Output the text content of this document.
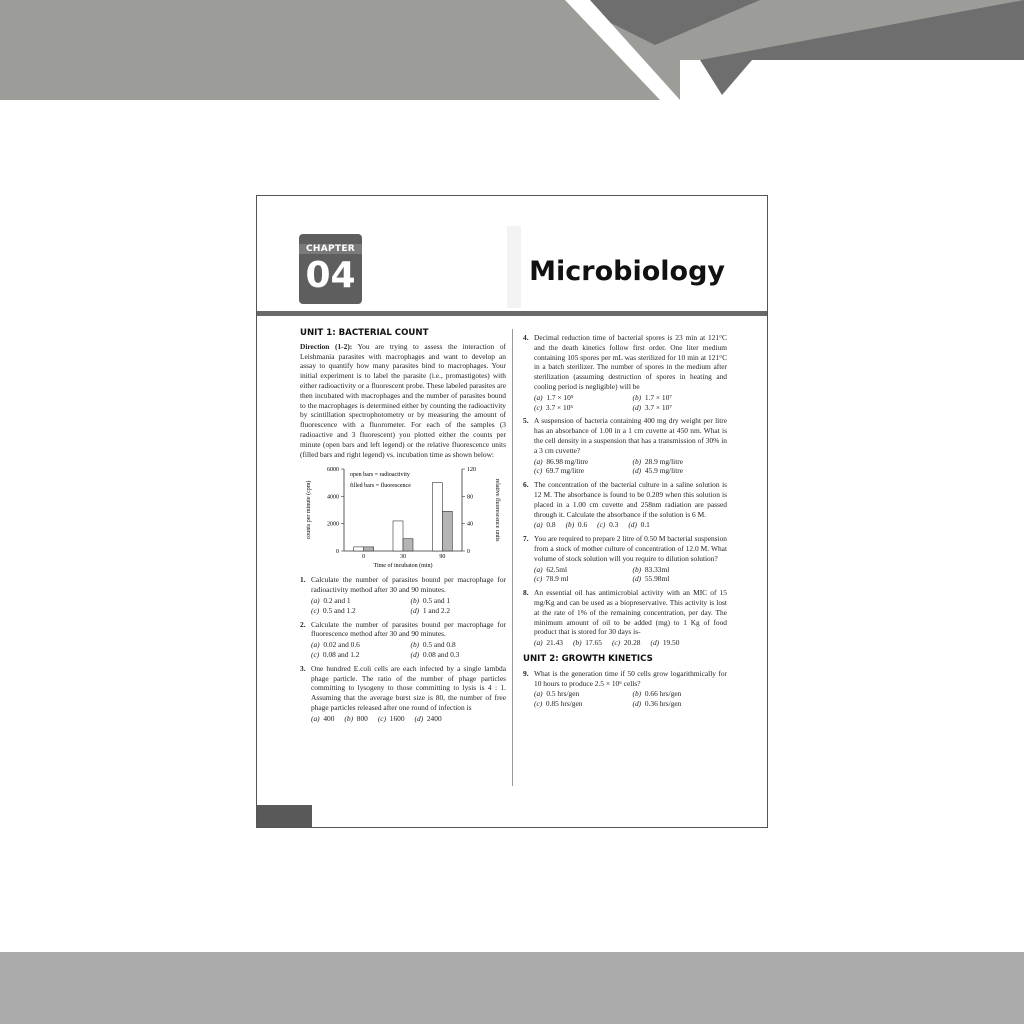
CHAPTER
04	Microbiology
UNIT 1: BACTERIAL COUNT
Direction (1-2): You are trying to assess the interaction of Leishmania parasites with macrophages and want to develop an assay to quantify how many parasites bind to macrophages. Your initial experiment is to label the parasite (i.e., promastigotes) with either radioactivity or a fluorescent probe. These labeled parasites are then incubated with macrophages and the number of parasites bound to the macrophages is determined either by counting the radioactivity by scintillation spectrophotometry or by measuring the amount of fluorescence with a fluorometer. For each of the samples (3 radioactive and 3 fluorescent) you plotted either the counts per minute (open bars and left legend) or the relative fluorescence units (filled bars and right legend) vs. incubation time as shown below:
0
2000
4000
6000
0
40
80
120
0	30	90
open bars = radioactivity
filled bars = fluorescence
Time of incubaton (min)
counts per minute (cpm)	relative fluorescence units
1. Calculate the number of parasites bound per macrophage for radioactivity method after 30 and 90 minutes.
(a) 0.2 and 1	(b) 0.5 and 1
(c) 0.5 and 1.2	(d) 1 and 2.2
2. Calculate the number of parasites bound per macrophage for fluorescence method after 30 and 90 minutes.
(a) 0.02 and 0.6	(b) 0.5 and 0.8
(c) 0.08 and 1.2	(d) 0.08 and 0.3
3. One hundred E.coli cells are each infected by a single lambda phage particle. The ratio of the number of phage particles committing to lysogeny to those committing to lysis is 4 : 1. Assuming that the average burst size is 80, the number of free phage particles released after one round of infection is
(a) 400 (b) 800 (c) 1600 (d) 2400
4. Decimal reduction time of bacterial spores is 23 min at 121°C and the death kinetics follow first order. One liter medium containing 105 spores per mL was sterilized for 10 min at 121°C in a batch sterilizer. The number of spores in the medium after sterilization (assuming destruction of spores in heating and cooling period is negligible) will be
(a) 1.7 × 10⁵	(b) 1.7 × 10⁷
(c) 3.7 × 10⁵	(d) 3.7 × 10⁷
5. A suspension of bacteria containing 400 mg dry weight per litre has an absorbance of 1.00 in a 1 cm cuvette at 450 nm. What is the cell density in a suspension that has a transmission of 30% in a 3 cm cuvette?
(a) 86.98 mg/litre	(b) 28.9 mg/litre
(c) 69.7 mg/litre	(d) 45.9 mg/litre
6. The concentration of the bacterial culture in a saline solution is 12 M. The absorbance is found to be 0.209 when this solution is placed in a 1.00 cm cuvette and 258nm radiation are passed through it. Calculate the absorbance if the solution is 6 M.
(a) 0.8 (b) 0.6 (c) 0.3 (d) 0.1
7. You are required to prepare 2 litre of 0.50 M bacterial suspension from a stock of mother culture of concentration of 12.0 M. What volume of stock solution will you require to dilution solution?
(a) 62.5ml	(b) 83.33ml
(c) 78.9 ml	(d) 55.98ml
8. An essential oil has antimicrobial activity with an MIC of 15 mg/Kg and can be used as a biopreservative. This activity is lost at the rate of 1% of the remaining concentration, per day. The minimum amount of oil to be added (mg) to 1 Kg of food product that is stored for 30 days is-
(a) 21.43 (b) 17.65 (c) 20.28 (d) 19.50
UNIT 2: GROWTH KINETICS
9. What is the generation time if 50 cells grow logarithmically for 10 hours to produce 2.5 × 10⁶ cells?
(a) 0.5 hrs/gen	(b) 0.66 hrs/gen
(c) 0.85 hrs/gen	(d) 0.36 hrs/gen
